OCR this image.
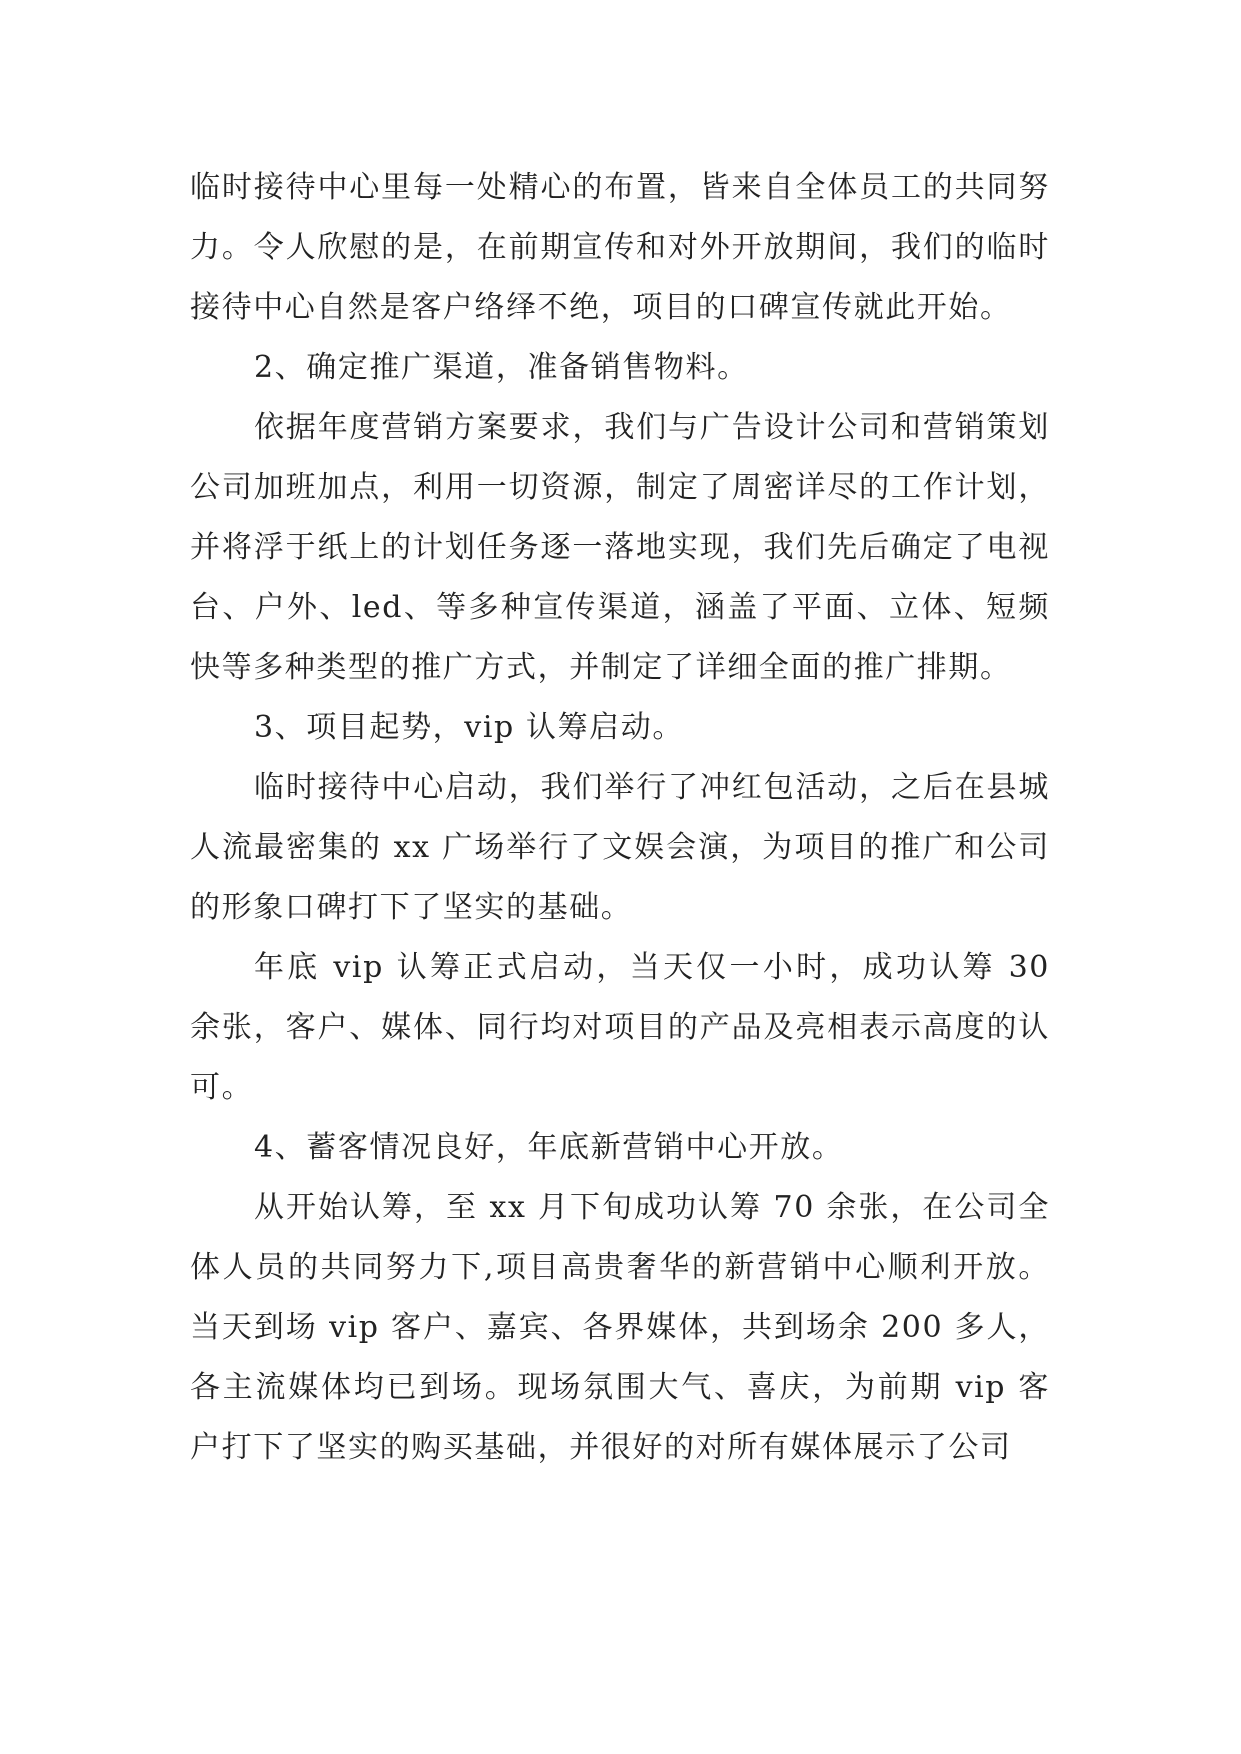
临时接待中心里每一处精心的布置，皆来自全体员工的共同努力。令人欣慰的是，在前期宣传和对外开放期间，我们的临时接待中心自然是客户络绎不绝，项目的口碑宣传就此开始。

2、确定推广渠道，准备销售物料。

依据年度营销方案要求，我们与广告设计公司和营销策划公司加班加点，利用一切资源，制定了周密详尽的工作计划，并将浮于纸上的计划任务逐一落地实现，我们先后确定了电视台、户外、led、等多种宣传渠道，涵盖了平面、立体、短频快等多种类型的推广方式，并制定了详细全面的推广排期。

3、项目起势，vip 认筹启动。

临时接待中心启动，我们举行了冲红包活动，之后在县城人流最密集的 xx 广场举行了文娱会演，为项目的推广和公司的形象口碑打下了坚实的基础。

年底 vip 认筹正式启动，当天仅一小时，成功认筹 30 余张，客户、媒体、同行均对项目的产品及亮相表示高度的认可。

4、蓄客情况良好，年底新营销中心开放。

从开始认筹，至 xx 月下旬成功认筹 70 余张，在公司全体人员的共同努力下,项目高贵奢华的新营销中心顺利开放。当天到场 vip 客户、嘉宾、各界媒体，共到场余 200 多人，各主流媒体均已到场。现场氛围大气、喜庆，为前期 vip 客户打下了坚实的购买基础，并很好的对所有媒体展示了公司
